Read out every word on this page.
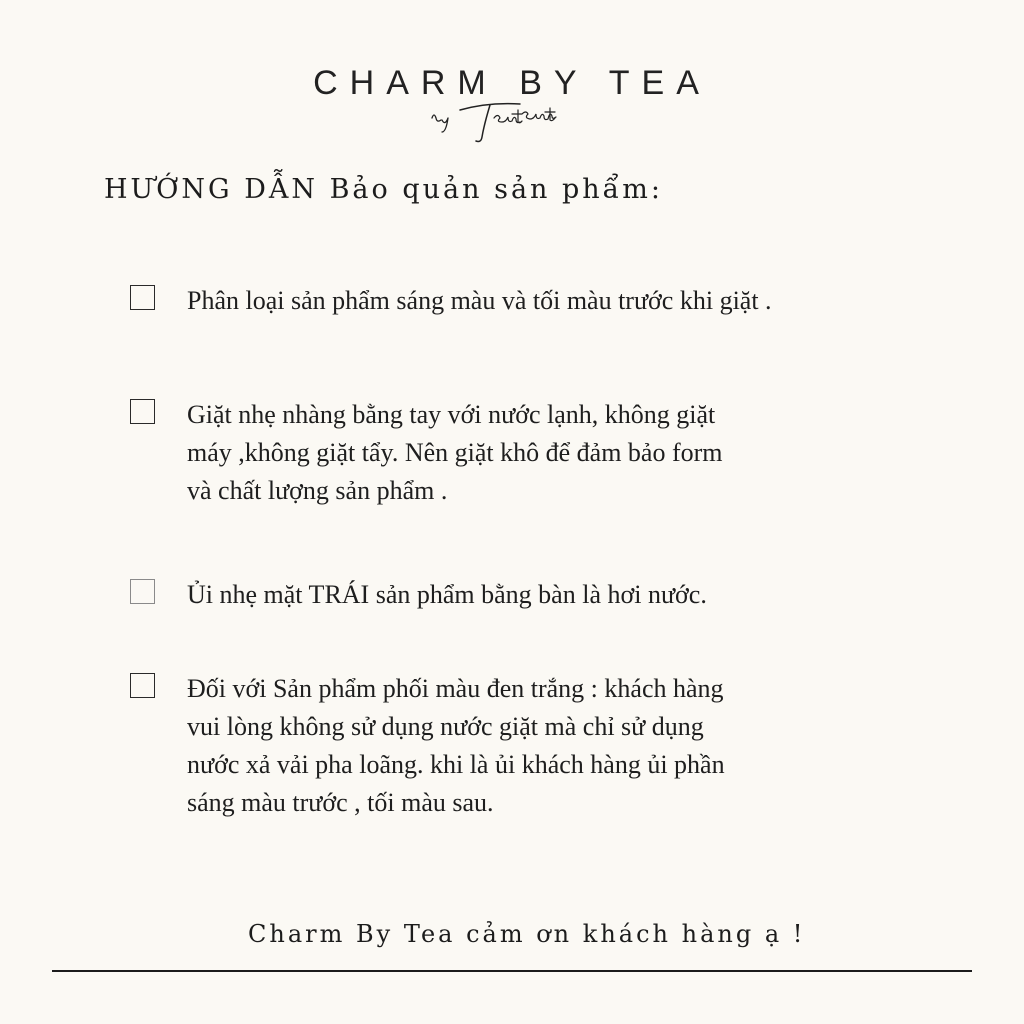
CHARM BY TEA
HƯỚNG DẪN Bảo quản sản phẩm:
Phân loại sản phẩm sáng màu và tối màu trước khi giặt .
Giặt nhẹ nhàng bằng tay với nước lạnh, không giặt
máy ,không giặt tẩy. Nên giặt khô để đảm bảo form
và chất lượng sản phẩm .
Ủi nhẹ mặt TRÁI sản phẩm bằng bàn là hơi nước.
Đối với Sản phẩm phối màu đen trắng : khách hàng
vui lòng không sử dụng nước giặt mà chỉ sử dụng
nước xả vải pha loãng. khi là ủi khách hàng ủi phần
sáng màu trước , tối màu sau.
Charm By Tea cảm ơn khách hàng ạ !
